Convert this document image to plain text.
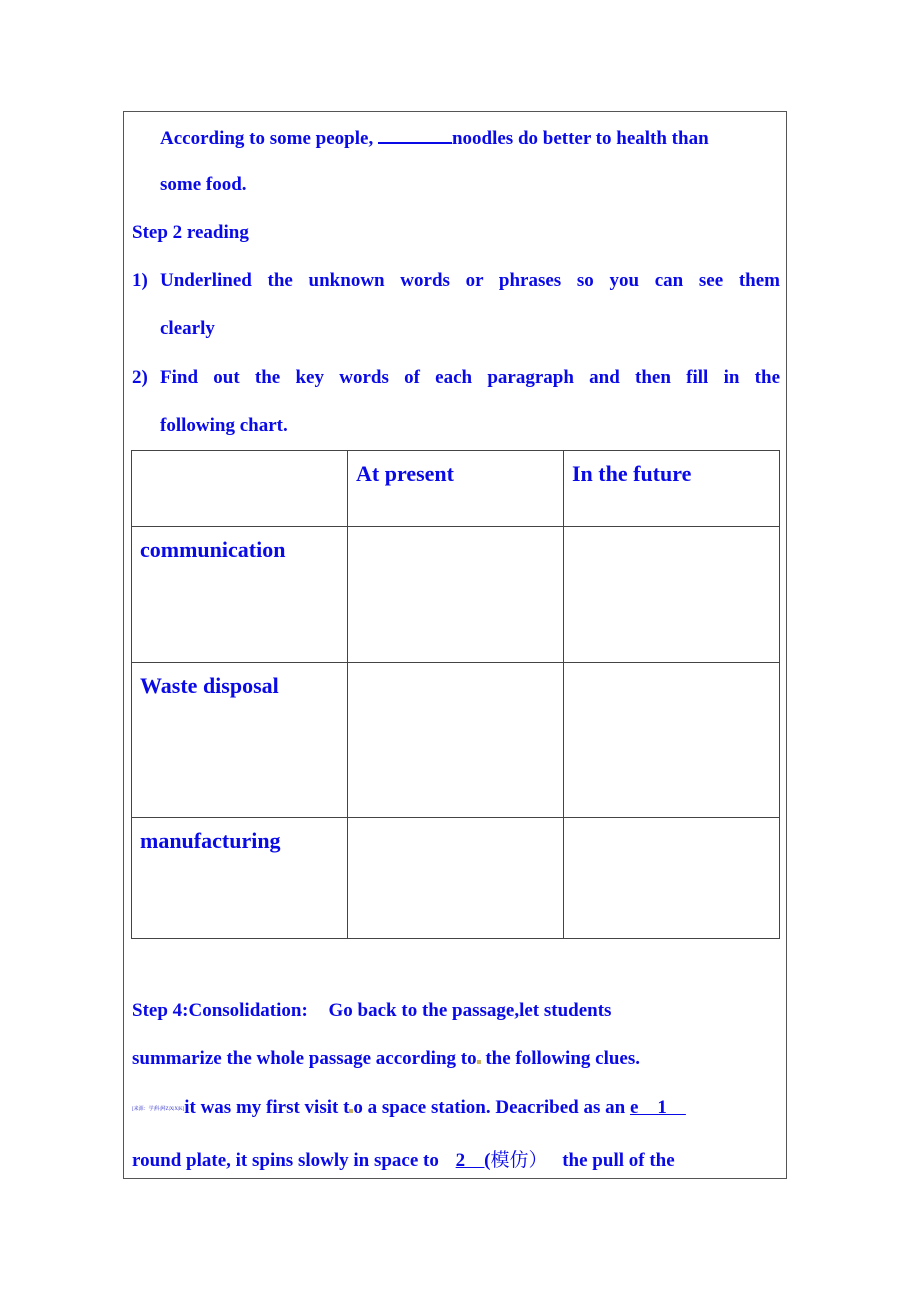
According to some people,	noodles do better to health than
some food.
Step 2 reading
1) Underlined the unknown words or phrases so you can see them
clearly
2) Find out the key words of each paragraph and then fill in the
following chart.
	At present	In the future
communication		
Waste disposal		
manufacturing		
Step 4:Consolidation: Go back to the passage,let students
summarize the whole passage according to the following clues.
[来源：学|科|网Z|X|X|K]it was my first visit t o a space station. Deacribed as an e    1
round plate, it spins slowly in space to 2    (模仿） the pull of the
